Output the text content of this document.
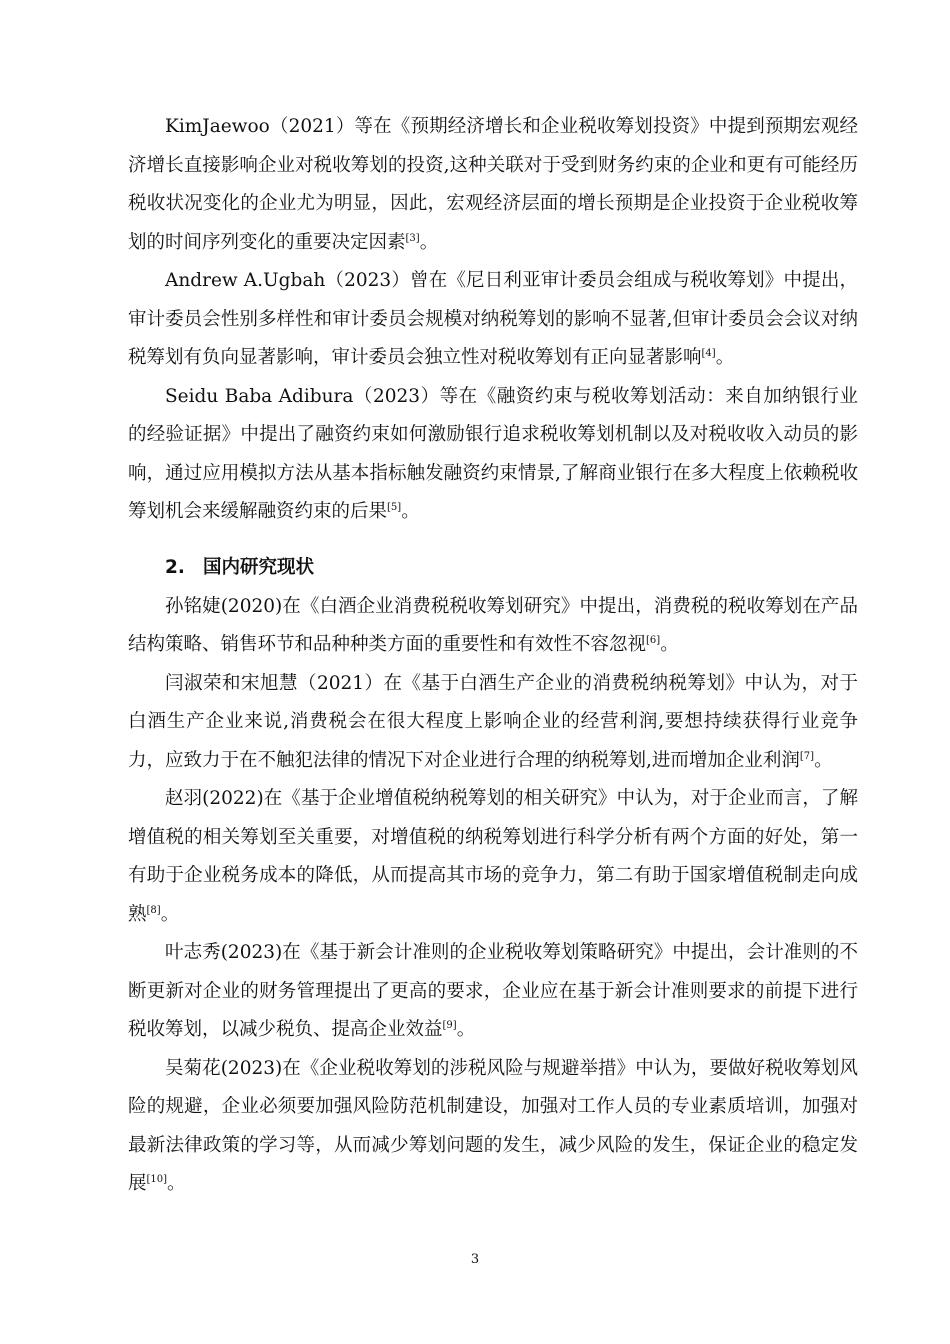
KimJaewoo（2021）等在《预期经济增长和企业税收筹划投资》中提到预期宏观经济增长直接影响企业对税收筹划的投资,这种关联对于受到财务约束的企业和更有可能经历税收状况变化的企业尤为明显，因此，宏观经济层面的增长预期是企业投资于企业税收筹划的时间序列变化的重要决定因素[3]。

Andrew A.Ugbah（2023）曾在《尼日利亚审计委员会组成与税收筹划》中提出，审计委员会性别多样性和审计委员会规模对纳税筹划的影响不显著,但审计委员会会议对纳税筹划有负向显著影响，审计委员会独立性对税收筹划有正向显著影响[4]。

Seidu Baba Adibura（2023）等在《融资约束与税收筹划活动：来自加纳银行业的经验证据》中提出了融资约束如何激励银行追求税收筹划机制以及对税收收入动员的影响，通过应用模拟方法从基本指标触发融资约束情景,了解商业银行在多大程度上依赖税收筹划机会来缓解融资约束的后果[5]。

2. 国内研究现状

孙铭婕(2020)在《白酒企业消费税税收筹划研究》中提出，消费税的税收筹划在产品结构策略、销售环节和品种种类方面的重要性和有效性不容忽视[6]。

闫淑荣和宋旭慧（2021）在《基于白酒生产企业的消费税纳税筹划》中认为，对于白酒生产企业来说,消费税会在很大程度上影响企业的经营利润,要想持续获得行业竞争力，应致力于在不触犯法律的情况下对企业进行合理的纳税筹划,进而增加企业利润[7]。

赵羽(2022)在《基于企业增值税纳税筹划的相关研究》中认为，对于企业而言，了解增值税的相关筹划至关重要，对增值税的纳税筹划进行科学分析有两个方面的好处，第一有助于企业税务成本的降低，从而提高其市场的竞争力，第二有助于国家增值税制走向成熟[8]。

叶志秀(2023)在《基于新会计准则的企业税收筹划策略研究》中提出，会计准则的不断更新对企业的财务管理提出了更高的要求，企业应在基于新会计准则要求的前提下进行税收筹划，以减少税负、提高企业效益[9]。

吴菊花(2023)在《企业税收筹划的涉税风险与规避举措》中认为，要做好税收筹划风险的规避，企业必须要加强风险防范机制建设，加强对工作人员的专业素质培训，加强对最新法律政策的学习等，从而减少筹划问题的发生，减少风险的发生，保证企业的稳定发展[10]。

3
